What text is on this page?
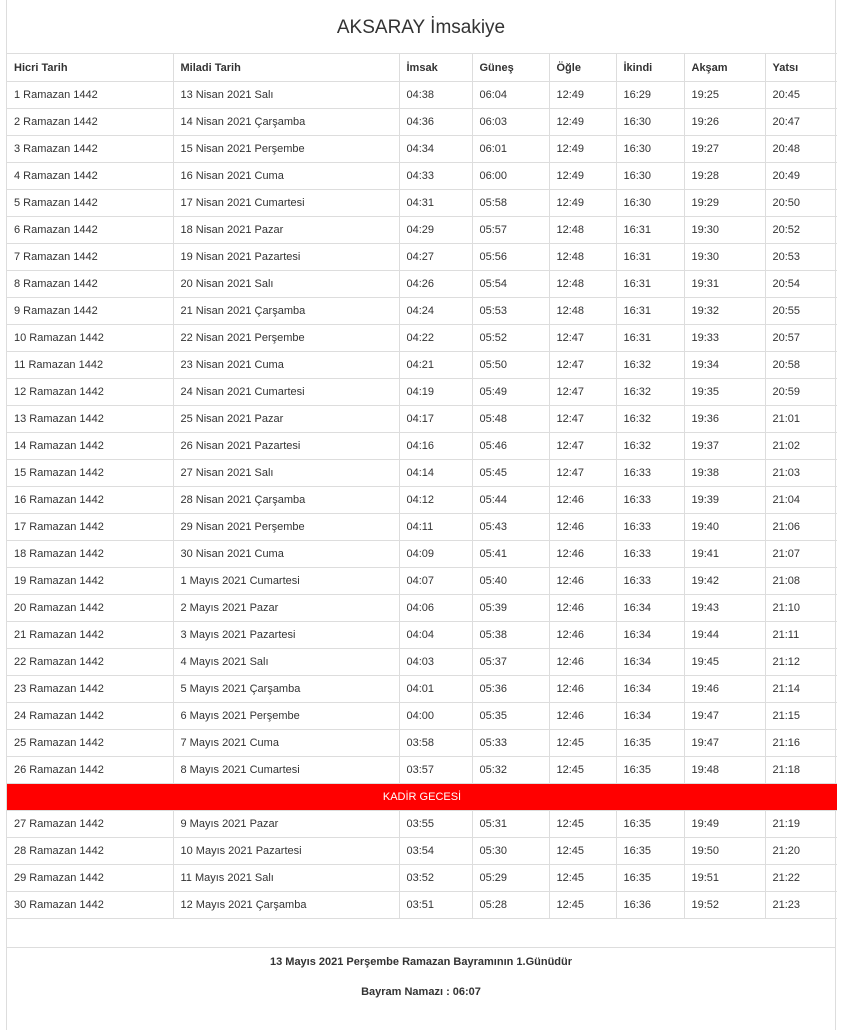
AKSARAY İmsakiye
Hicri Tarih	Miladi Tarih	İmsak	Güneş	Öğle	İkindi	Akşam	Yatsı
1 Ramazan 1442	13 Nisan 2021 Salı	04:38	06:04	12:49	16:29	19:25	20:45
2 Ramazan 1442	14 Nisan 2021 Çarşamba	04:36	06:03	12:49	16:30	19:26	20:47
3 Ramazan 1442	15 Nisan 2021 Perşembe	04:34	06:01	12:49	16:30	19:27	20:48
4 Ramazan 1442	16 Nisan 2021 Cuma	04:33	06:00	12:49	16:30	19:28	20:49
5 Ramazan 1442	17 Nisan 2021 Cumartesi	04:31	05:58	12:49	16:30	19:29	20:50
6 Ramazan 1442	18 Nisan 2021 Pazar	04:29	05:57	12:48	16:31	19:30	20:52
7 Ramazan 1442	19 Nisan 2021 Pazartesi	04:27	05:56	12:48	16:31	19:30	20:53
8 Ramazan 1442	20 Nisan 2021 Salı	04:26	05:54	12:48	16:31	19:31	20:54
9 Ramazan 1442	21 Nisan 2021 Çarşamba	04:24	05:53	12:48	16:31	19:32	20:55
10 Ramazan 1442	22 Nisan 2021 Perşembe	04:22	05:52	12:47	16:31	19:33	20:57
11 Ramazan 1442	23 Nisan 2021 Cuma	04:21	05:50	12:47	16:32	19:34	20:58
12 Ramazan 1442	24 Nisan 2021 Cumartesi	04:19	05:49	12:47	16:32	19:35	20:59
13 Ramazan 1442	25 Nisan 2021 Pazar	04:17	05:48	12:47	16:32	19:36	21:01
14 Ramazan 1442	26 Nisan 2021 Pazartesi	04:16	05:46	12:47	16:32	19:37	21:02
15 Ramazan 1442	27 Nisan 2021 Salı	04:14	05:45	12:47	16:33	19:38	21:03
16 Ramazan 1442	28 Nisan 2021 Çarşamba	04:12	05:44	12:46	16:33	19:39	21:04
17 Ramazan 1442	29 Nisan 2021 Perşembe	04:11	05:43	12:46	16:33	19:40	21:06
18 Ramazan 1442	30 Nisan 2021 Cuma	04:09	05:41	12:46	16:33	19:41	21:07
19 Ramazan 1442	1 Mayıs 2021 Cumartesi	04:07	05:40	12:46	16:33	19:42	21:08
20 Ramazan 1442	2 Mayıs 2021 Pazar	04:06	05:39	12:46	16:34	19:43	21:10
21 Ramazan 1442	3 Mayıs 2021 Pazartesi	04:04	05:38	12:46	16:34	19:44	21:11
22 Ramazan 1442	4 Mayıs 2021 Salı	04:03	05:37	12:46	16:34	19:45	21:12
23 Ramazan 1442	5 Mayıs 2021 Çarşamba	04:01	05:36	12:46	16:34	19:46	21:14
24 Ramazan 1442	6 Mayıs 2021 Perşembe	04:00	05:35	12:46	16:34	19:47	21:15
25 Ramazan 1442	7 Mayıs 2021 Cuma	03:58	05:33	12:45	16:35	19:47	21:16
26 Ramazan 1442	8 Mayıs 2021 Cumartesi	03:57	05:32	12:45	16:35	19:48	21:18
KADİR GECESİ							
27 Ramazan 1442	9 Mayıs 2021 Pazar	03:55	05:31	12:45	16:35	19:49	21:19
28 Ramazan 1442	10 Mayıs 2021 Pazartesi	03:54	05:30	12:45	16:35	19:50	21:20
29 Ramazan 1442	11 Mayıs 2021 Salı	03:52	05:29	12:45	16:35	19:51	21:22
30 Ramazan 1442	12 Mayıs 2021 Çarşamba	03:51	05:28	12:45	16:36	19:52	21:23

13 Mayıs 2021 Perşembe Ramazan Bayramının 1.Günüdür
Bayram Namazı : 06:07
